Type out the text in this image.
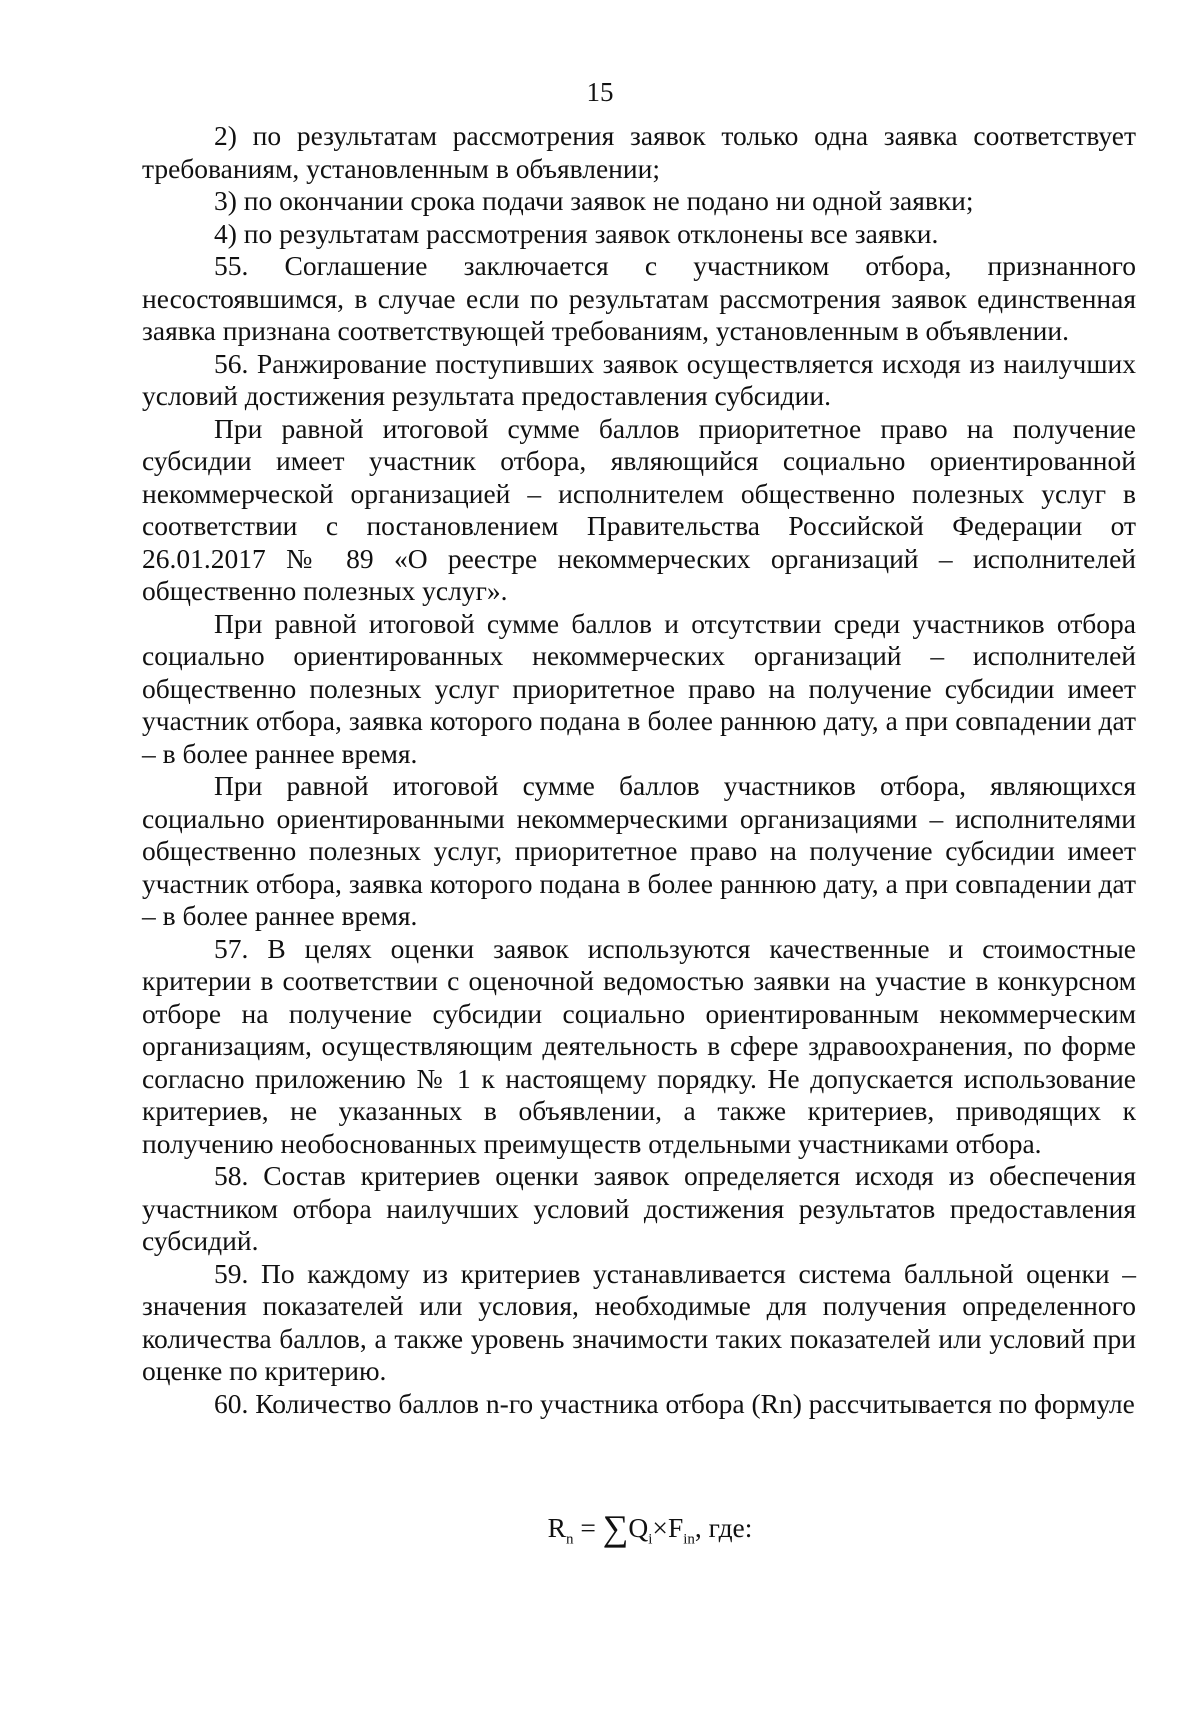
15

2) по результатам рассмотрения заявок только одна заявка соответствует требованиям, установленным в объявлении;

3) по окончании срока подачи заявок не подано ни одной заявки;

4) по результатам рассмотрения заявок отклонены все заявки.

55. Соглашение заключается с участником отбора, признанного несостоявшимся, в случае если по результатам рассмотрения заявок единственная заявка признана соответствующей требованиям, установленным в объявлении.

56. Ранжирование поступивших заявок осуществляется исходя из наилучших условий достижения результата предоставления субсидии.

При равной итоговой сумме баллов приоритетное право на получение субсидии имеет участник отбора, являющийся социально ориентированной некоммерческой организацией – исполнителем общественно полезных услуг в соответствии с постановлением Правительства Российской Федерации от 26.01.2017 № 89 «О реестре некоммерческих организаций – исполнителей общественно полезных услуг».

При равной итоговой сумме баллов и отсутствии среди участников отбора социально ориентированных некоммерческих организаций – исполнителей общественно полезных услуг приоритетное право на получение субсидии имеет участник отбора, заявка которого подана в более раннюю дату, а при совпадении дат – в более раннее время.

При равной итоговой сумме баллов участников отбора, являющихся социально ориентированными некоммерческими организациями – исполнителями общественно полезных услуг, приоритетное право на получение субсидии имеет участник отбора, заявка которого подана в более раннюю дату, а при совпадении дат – в более раннее время.

57. В целях оценки заявок используются качественные и стоимостные критерии в соответствии с оценочной ведомостью заявки на участие в конкурсном отборе на получение субсидии социально ориентированным некоммерческим организациям, осуществляющим деятельность в сфере здравоохранения, по форме согласно приложению № 1 к настоящему порядку. Не допускается использование критериев, не указанных в объявлении, а также критериев, приводящих к получению необоснованных преимуществ отдельными участниками отбора.

58. Состав критериев оценки заявок определяется исходя из обеспечения участником отбора наилучших условий достижения результатов предоставления субсидий.

59. По каждому из критериев устанавливается система балльной оценки – значения показателей или условия, необходимые для получения определенного количества баллов, а также уровень значимости таких показателей или условий при оценке по критерию.

60. Количество баллов n-го участника отбора (Rn) рассчитывается по формуле

$R_n = \sum Q_i\times F_{in}$, где:
